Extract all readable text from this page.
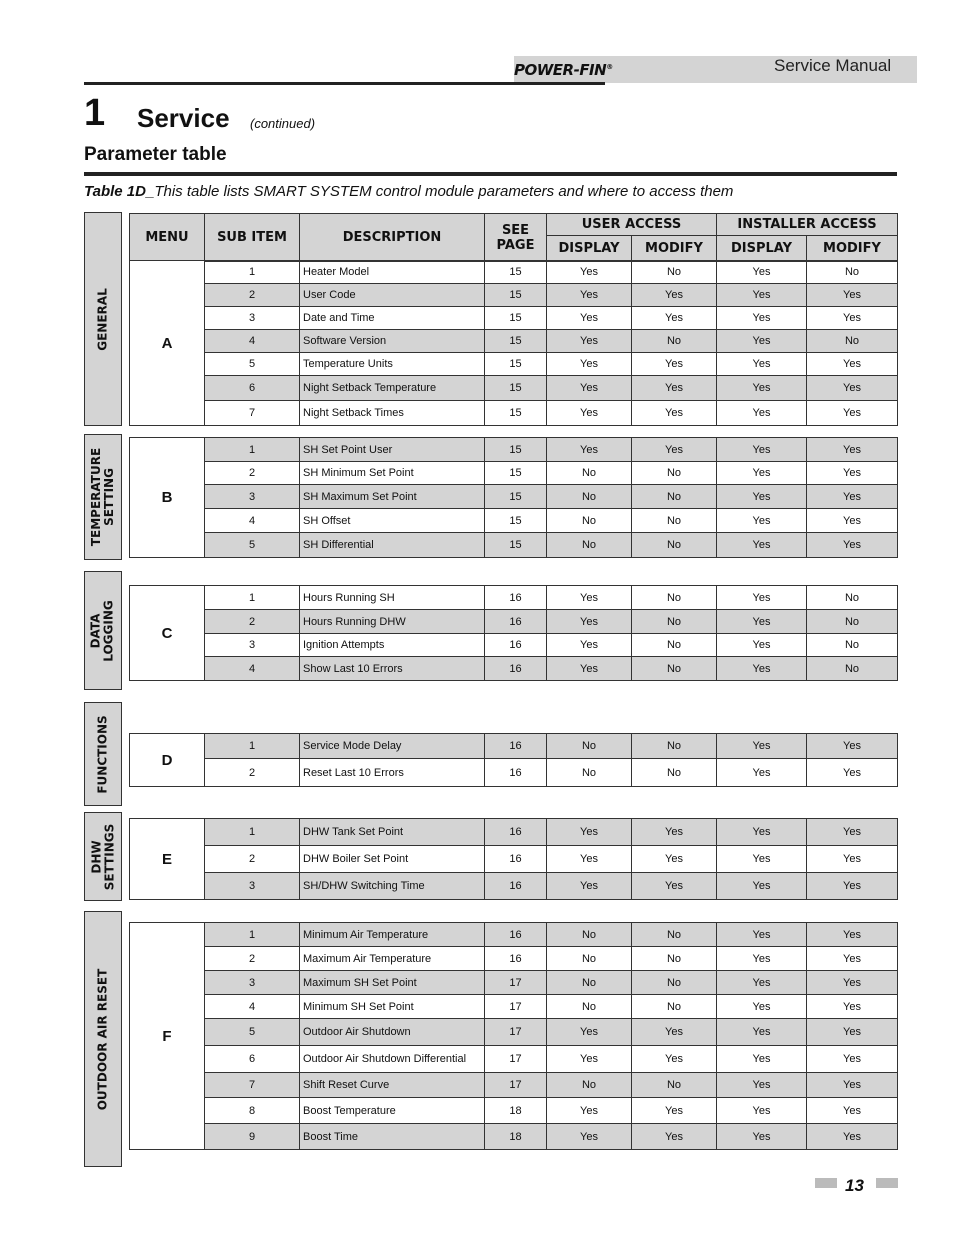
POWER-FIN®	Service Manual
1 Service (continued)
Parameter table
Table 1D_This table lists SMART SYSTEM control module parameters and where to access them
MENU	SUB ITEM	DESCRIPTION	SEE PAGE	USER ACCESS		INSTALLER ACCESS	
				DISPLAY	MODIFY	DISPLAY	MODIFY
GENERAL	A	1	Heater Model	15	Yes	No	Yes	No
	2	User Code	15	Yes	Yes	Yes	Yes
	3	Date and Time	15	Yes	Yes	Yes	Yes
	4	Software Version	15	Yes	No	Yes	No
	5	Temperature Units	15	Yes	Yes	Yes	Yes
	6	Night Setback Temperature	15	Yes	Yes	Yes	Yes
	7	Night Setback Times	15	Yes	Yes	Yes	Yes
TEMPERATURE
SETTING	B	1	SH Set Point User	15	Yes	Yes	Yes	Yes
	2	SH Minimum Set Point	15	No	No	Yes	Yes
	3	SH Maximum Set Point	15	No	No	Yes	Yes
	4	SH Offset	15	No	No	Yes	Yes
	5	SH Differential	15	No	No	Yes	Yes
DATA
LOGGING	C	1	Hours Running SH	16	Yes	No	Yes	No
	2	Hours Running DHW	16	Yes	No	Yes	No
	3	Ignition Attempts	16	Yes	No	Yes	No
	4	Show Last 10 Errors	16	Yes	No	Yes	No
FUNCTIONS	D	1	Service Mode Delay	16	No	No	Yes	Yes
	2	Reset Last 10 Errors	16	No	No	Yes	Yes
DHW
SETTINGS	E	1	DHW Tank Set Point	16	Yes	Yes	Yes	Yes
	2	DHW Boiler Set Point	16	Yes	Yes	Yes	Yes
	3	SH/DHW Switching Time	16	Yes	Yes	Yes	Yes
OUTDOOR AIR RESET	F	1	Minimum Air Temperature	16	No	No	Yes	Yes
	2	Maximum Air Temperature	16	No	No	Yes	Yes
	3	Maximum SH Set Point	17	No	No	Yes	Yes
	4	Minimum SH Set Point	17	No	No	Yes	Yes
	5	Outdoor Air Shutdown	17	Yes	Yes	Yes	Yes
	6	Outdoor Air Shutdown Differential	17	Yes	Yes	Yes	Yes
	7	Shift Reset Curve	17	No	No	Yes	Yes
	8	Boost Temperature	18	Yes	Yes	Yes	Yes
	9	Boost Time	18	Yes	Yes	Yes	Yes
13
